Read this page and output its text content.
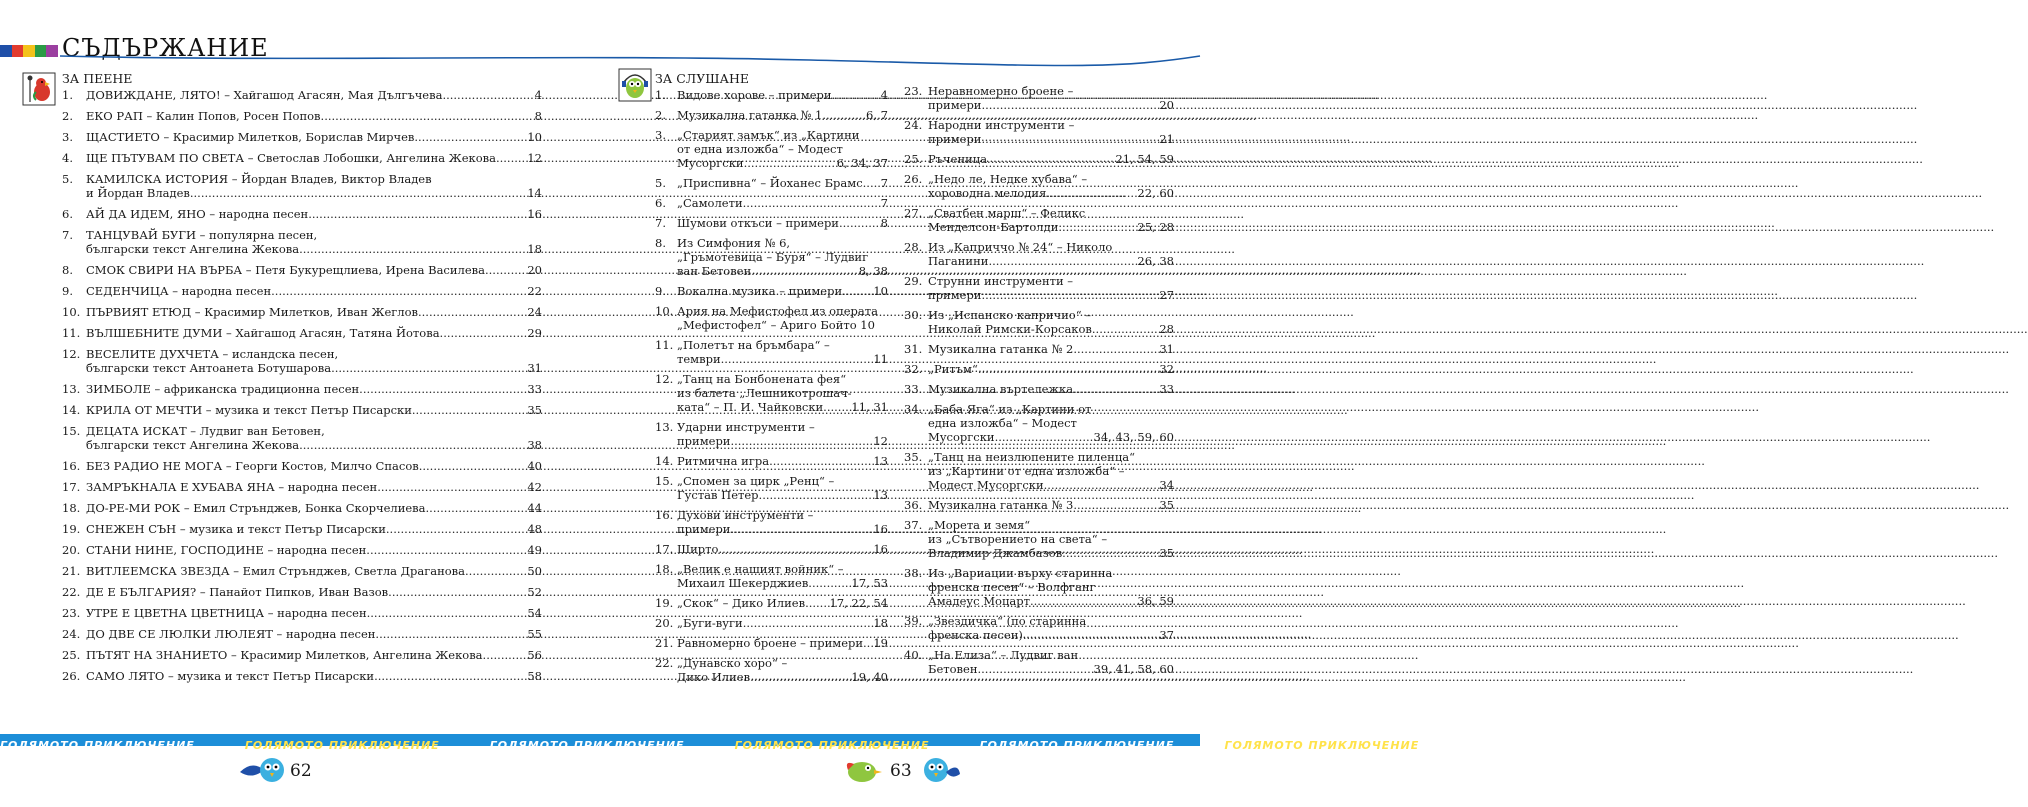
СЪДЪРЖАНИЕ
ЗА ПЕЕНЕ
1.	ДОВИЖДАНЕ, ЛЯТО! – Хайгашод Агасян, Мая Дългъчева .....	4
2.	ЕКО РАП – Калин Попов, Росен Попов .....	8
3.	ЩАСТИЕТО – Красимир Милетков, Борислав Мирчев .....	10
4.	ЩЕ ПЪТУВАМ ПО СВЕТА – Светослав Лобошки, Ангелина Жекова .....	12
5.	КАМИЛСКА ИСТОРИЯ – Йордан Владев, Виктор Владев
и Йордан Владев .....	14
6.	АЙ ДА ИДЕМ, ЯНО – народна песен .....	16
7.	ТАНЦУВАЙ БУГИ – популярна песен,
български текст Ангелина Жекова .....	18
8.	СМОК СВИРИ НА ВЪРБА – Петя Букурещлиева, Ирена Василева .....	20
9.	СЕДЕНЧИЦА – народна песен .....	22
10. ПЪРВИЯТ ЕТЮД – Красимир Милетков, Иван Жеглов .....	24
11. ВЪЛШЕБНИТЕ ДУМИ – Хайгашод Агасян, Татяна Йотова .....	29
12. ВЕСЕЛИТЕ ДУХЧЕТА – исландска песен,
български текст Антоанета Ботушарова .....	31
13. ЗИМБОЛЕ – африканска традиционна песен .....	33
14. КРИЛА ОТ МЕЧТИ – музика и текст Петър Писарски .....	35
15. ДЕЦАТА ИСКАТ – Лудвиг ван Бетовен,
български текст Ангелина Жекова .....	38
16. БЕЗ РАДИО НЕ МОГА – Георги Костов, Милчо Спасов .....	40
17. ЗАМРЪКНАЛА Е ХУБАВА ЯНА – народна песен .....	42
18. ДО-РЕ-МИ РОК – Емил Стрънджев, Бонка Скорчелиева .....	44
19. СНЕЖЕН СЪН – музика и текст Петър Писарски .....	48
20. СТАНИ НИНЕ, ГОСПОДИНЕ – народна песен .....	49
21. ВИТЛЕЕМСКА ЗВЕЗДА – Емил Стрънджев, Светла Драганова .....	50
22. ДЕ Е БЪЛГАРИЯ? – Панайот Пипков, Иван Вазов .....	52
23. УТРЕ Е ЦВЕТНА ЦВЕТНИЦА – народна песен .....	54
24. ДО ДВЕ СЕ ЛЮЛКИ ЛЮЛЕЯТ – народна песен .....	55
25. ПЪТЯТ НА ЗНАНИЕТО – Красимир Милетков, Ангелина Жекова .....	56
26. САМО ЛЯТО – музика и текст Петър Писарски .....	58
ЗА СЛУШАНЕ
1. Видове хорове – примери .....	4
2. Музикална гатанка № 1 .....	6, 7
3. „Старият замък“ из „Картини
от една изложба“ – Модест
Мусоргски .....	6, 34, 37
5. „Приспивна“ – Йоханес Брамс ..... 7
6. „Самолети .....	7
7. Шумови откъси – примери .....	8
8. Из Симфония № 6,
„Гръмотевица – Буря“ – Лудвиг
ван Бетовен .....	8, 38
9. Вокална музика – примери .....	10
10. Ария на Мефистофел из операта
„Мефистофел“ – Ариго Бойто 10
11. „Полетът на бръмбара“ –
тември .....	11
12. „Танц на Бонбонената фея“
из балета „Лешникотрошач-
ката“ – П. И. Чайковски ..... 11, 31
13. Ударни инструменти –
примери .....	12
14. Ритмична игра .....	13
15. „Спомен за цирк „Ренц“ –
Густав Петер .....	13
16. Духови инструменти –
примери .....	16
17. Ширто .....	16
18. „Велик е нашият войник“ –
Михаил Шекерджиев .....	17, 53
19. „Скок“ – Дико Илиев ..... 17, 22, 54
20. „Буги-вуги .....	18
21. Равномерно броене – примери ..... 19
22. „Дунавско хоро“ –
Дико Илиев .....	19, 40
23. Неравномерно броене –
примери .....	20
24. Народни инструменти –
примери .....	21
25. Ръченица .....	21, 54, 59
26. „Недо ле, Недке хубава“ –
хороводна мелодия .....	22, 60
27. „Сватбен марш“ – Феликс
Менделсон-Бартолди .....	25, 28
28. Из „Каприччо № 24“ – Николо
Паганини .....	26, 38
29. Струнни инструменти –
примери .....	27
30. Из „Испанско капричио“ –
Николай Римски-Корсаков .....	28
31. Музикална гатанка № 2 .....	31
32. „Ритъм“ .....	32
33. Музикална въртележка .....	33
34. „Баба Яга“ из „Картини от
една изложба“ – Модест
Мусоргски .....	34, 43, 59, 60
35. „Танц на неизлюпените пиленца“
из „Картини от една изложба“ –
Модест Мусоргски .....	34
36. Музикална гатанка № 3 .....	35
37. „Морета и земя“
из „Сътворението на света“ –
Владимир Джамбазов .....	35
38. Из „Вариации върху старинна
френска песен“ – Волфганг
Амадеус Моцарт .....	36, 59
39. „Звездичка“ (по старинна
френска песен) .....	37
40. „На Елиза“ – Лудвиг ван
Бетовен .....	39, 41, 58, 60
ГОЛЯМОТО ПРИКЛЮЧЕНИЕ	ГОЛЯМОТО ПРИКЛЮЧЕНИЕ	ГОЛЯМОТО ПРИКЛЮЧЕНИЕ	ГОЛЯМОТО ПРИКЛЮЧЕНИЕ	ГОЛЯМОТО ПРИКЛЮЧЕНИЕ	ГОЛЯМОТО ПРИКЛЮЧЕНИЕ
62	63
